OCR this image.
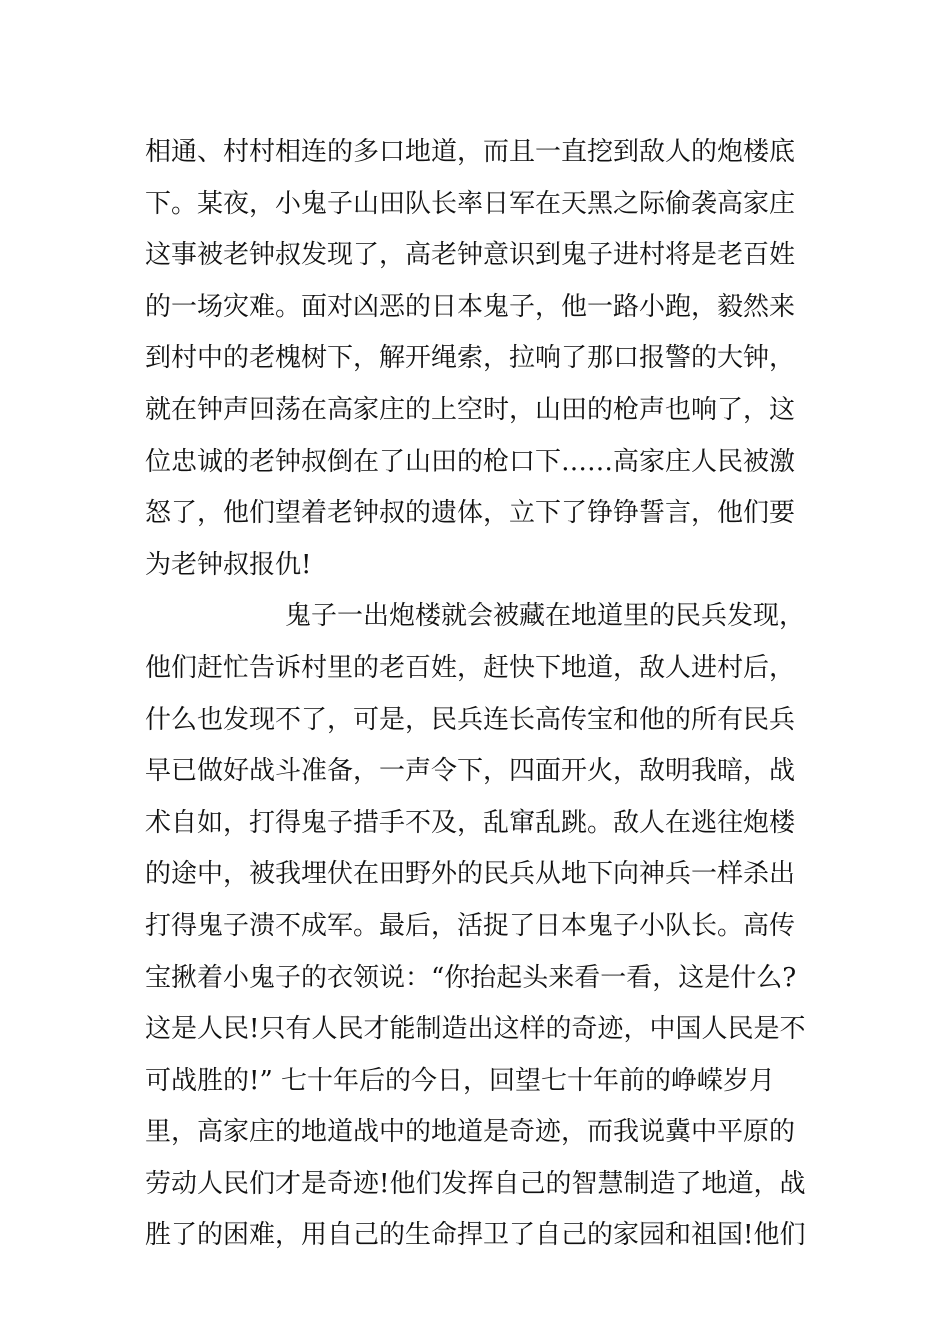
相通、村村相连的多口地道，而且一直挖到敌人的炮楼底
下。某夜，小鬼子山田队长率日军在天黑之际偷袭高家庄
这事被老钟叔发现了，高老钟意识到鬼子进村将是老百姓
的一场灾难。面对凶恶的日本鬼子，他一路小跑，毅然来
到村中的老槐树下，解开绳索，拉响了那口报警的大钟，
就在钟声回荡在高家庄的上空时，山田的枪声也响了，这
位忠诚的老钟叔倒在了山田的枪口下……高家庄人民被激
怒了，他们望着老钟叔的遗体，立下了铮铮誓言，他们要
为老钟叔报仇!
鬼子一出炮楼就会被藏在地道里的民兵发现，
他们赶忙告诉村里的老百姓，赶快下地道，敌人进村后，
什么也发现不了，可是，民兵连长高传宝和他的所有民兵
早已做好战斗准备，一声令下，四面开火，敌明我暗，战
术自如，打得鬼子措手不及，乱窜乱跳。敌人在逃往炮楼
的途中，被我埋伏在田野外的民兵从地下向神兵一样杀出
打得鬼子溃不成军。最后，活捉了日本鬼子小队长。高传
宝揪着小鬼子的衣领说：“你抬起头来看一看，这是什么?
这是人民!只有人民才能制造出这样的奇迹，中国人民是不
可战胜的!” 七十年后的今日，回望七十年前的峥嵘岁月
里，高家庄的地道战中的地道是奇迹，而我说冀中平原的
劳动人民们才是奇迹!他们发挥自己的智慧制造了地道，战
胜了的困难，用自己的生命捍卫了自己的家园和祖国!他们
